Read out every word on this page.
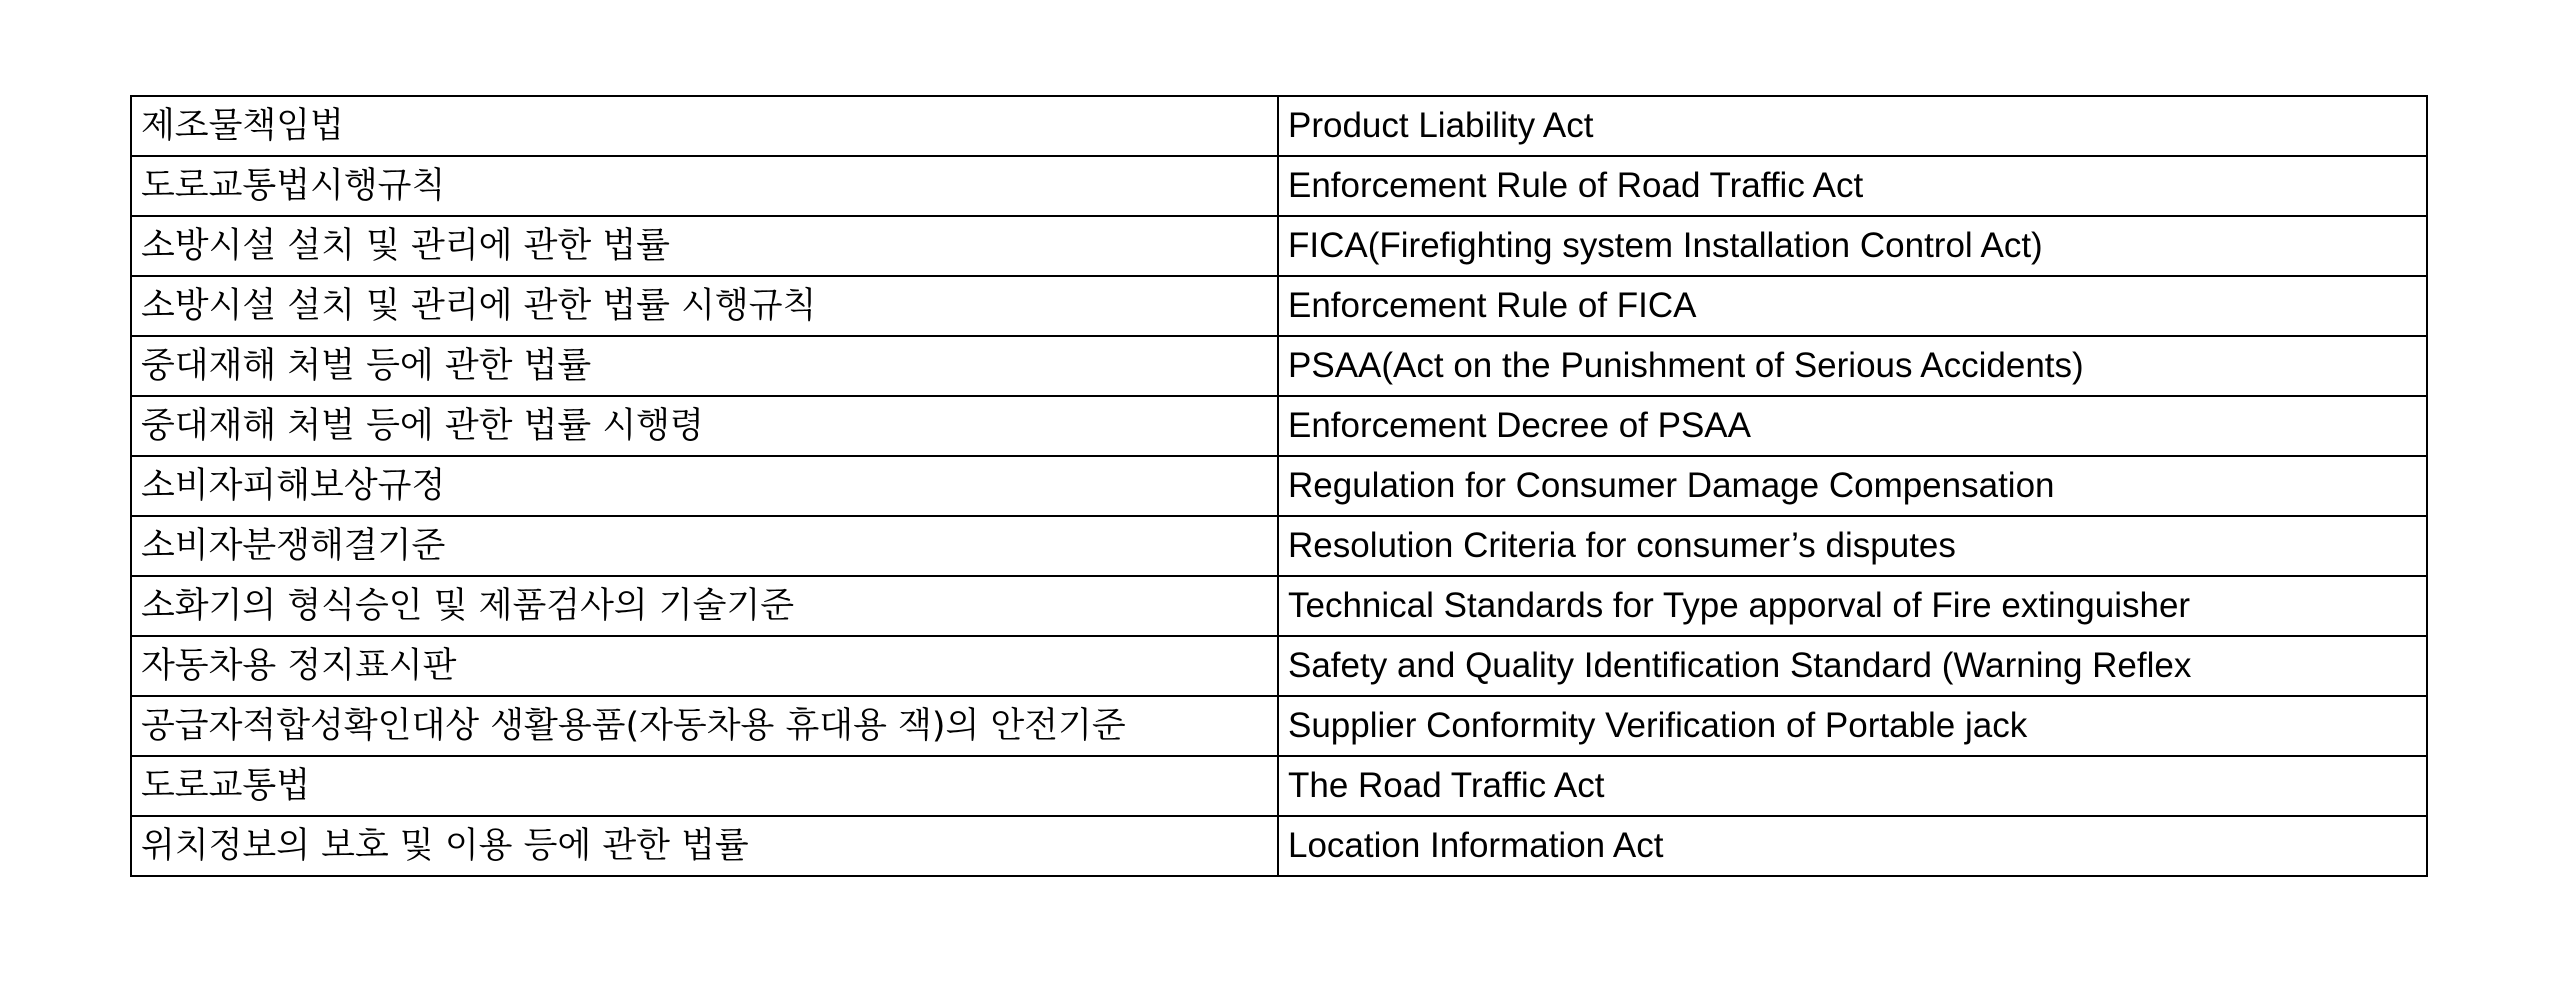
제조물책임법	Product Liability Act
도로교통법시행규칙	Enforcement Rule of Road Traffic Act
소방시설 설치 및 관리에 관한 법률	FICA(Firefighting system Installation Control Act)
소방시설 설치 및 관리에 관한 법률 시행규칙	Enforcement Rule of FICA
중대재해 처벌 등에 관한 법률	PSAA(Act on the Punishment of Serious Accidents)
중대재해 처벌 등에 관한 법률 시행령	Enforcement Decree of PSAA
소비자피해보상규정	Regulation for Consumer Damage Compensation
소비자분쟁해결기준	Resolution Criteria for consumer’s disputes
소화기의 형식승인 및 제품검사의 기술기준	Technical Standards for Type apporval of Fire extinguisher
자동차용 정지표시판	Safety and Quality Identification Standard (Warning Reflex
공급자적합성확인대상 생활용품(자동차용 휴대용 잭)의 안전기준	Supplier Conformity Verification of Portable jack
도로교통법	The Road Traffic Act
위치정보의 보호 및 이용 등에 관한 법률	Location Information Act
